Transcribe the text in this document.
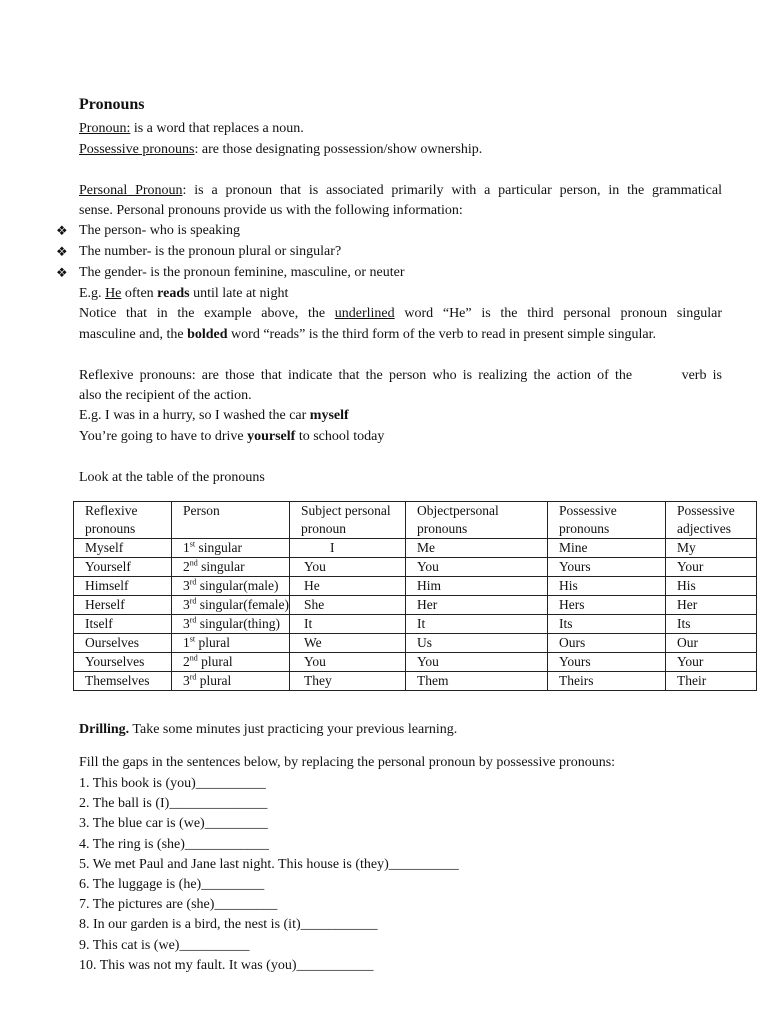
Pronouns
Pronoun: is a word that replaces a noun.
Possessive pronouns: are those designating possession/show ownership.
Personal Pronoun: is a pronoun that is associated primarily with a particular person, in the grammatical
sense. Personal pronouns provide us with the following information:
❖ The person- who is speaking
❖ The number- is the pronoun plural or singular?
❖ The gender- is the pronoun feminine, masculine, or neuter
E.g. He often reads until late at night
Notice that in the example above, the underlined word “He” is the third personal pronoun singular
masculine and, the bolded word “reads” is the third form of the verb to read in present simple singular.
Reflexive pronouns: are those that indicate that the person who is realizing the action of the        verb is
also the recipient of the action.
E.g. I was in a hurry, so I washed the car myself
You’re going to have to drive yourself to school today
Look at the table of the pronouns
Reflexive pronouns	Person	Subject personal pronoun	Objectpersonal pronouns	Possessive pronouns	Possessive adjectives
Myself	1st singular	I	Me	Mine	My
Yourself	2nd singular	You	You	Yours	Your
Himself	3rd singular(male)	He	Him	His	His
Herself	3rd singular(female)	She	Her	Hers	Her
Itself	3rd singular(thing)	It	It	Its	Its
Ourselves	1st plural	We	Us	Ours	Our
Yourselves	2nd plural	You	You	Yours	Your
Themselves	3rd plural	They	Them	Theirs	Their
Drilling. Take some minutes just practicing your previous learning.
Fill the gaps in the sentences below, by replacing the personal pronoun by possessive pronouns:
1. This book is (you)__________
2. The ball is (I)______________
3. The blue car is (we)_________
4. The ring is (she)____________
5. We met Paul and Jane last night. This house is (they)__________
6. The luggage is (he)_________
7. The pictures are (she)_________
8. In our garden is a bird, the nest is (it)___________
9. This cat is (we)__________
10. This was not my fault. It was (you)___________
